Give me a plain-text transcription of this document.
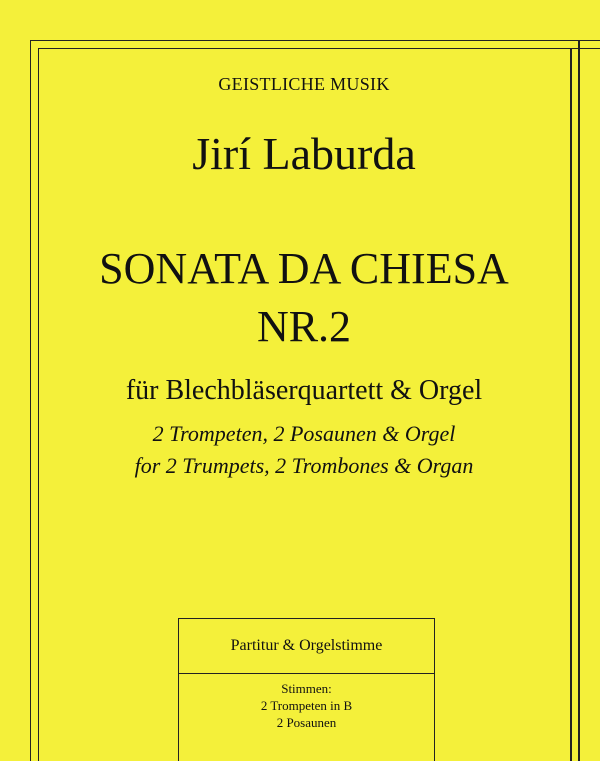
GEISTLICHE MUSIK
Jirí Laburda
SONATA DA CHIESA
NR.2
für Blechbläserquartett & Orgel
2 Trompeten, 2 Posaunen & Orgel
for 2 Trumpets, 2 Trombones & Organ
Partitur & Orgelstimme
Stimmen:
2 Trompeten in B
2 Posaunen
